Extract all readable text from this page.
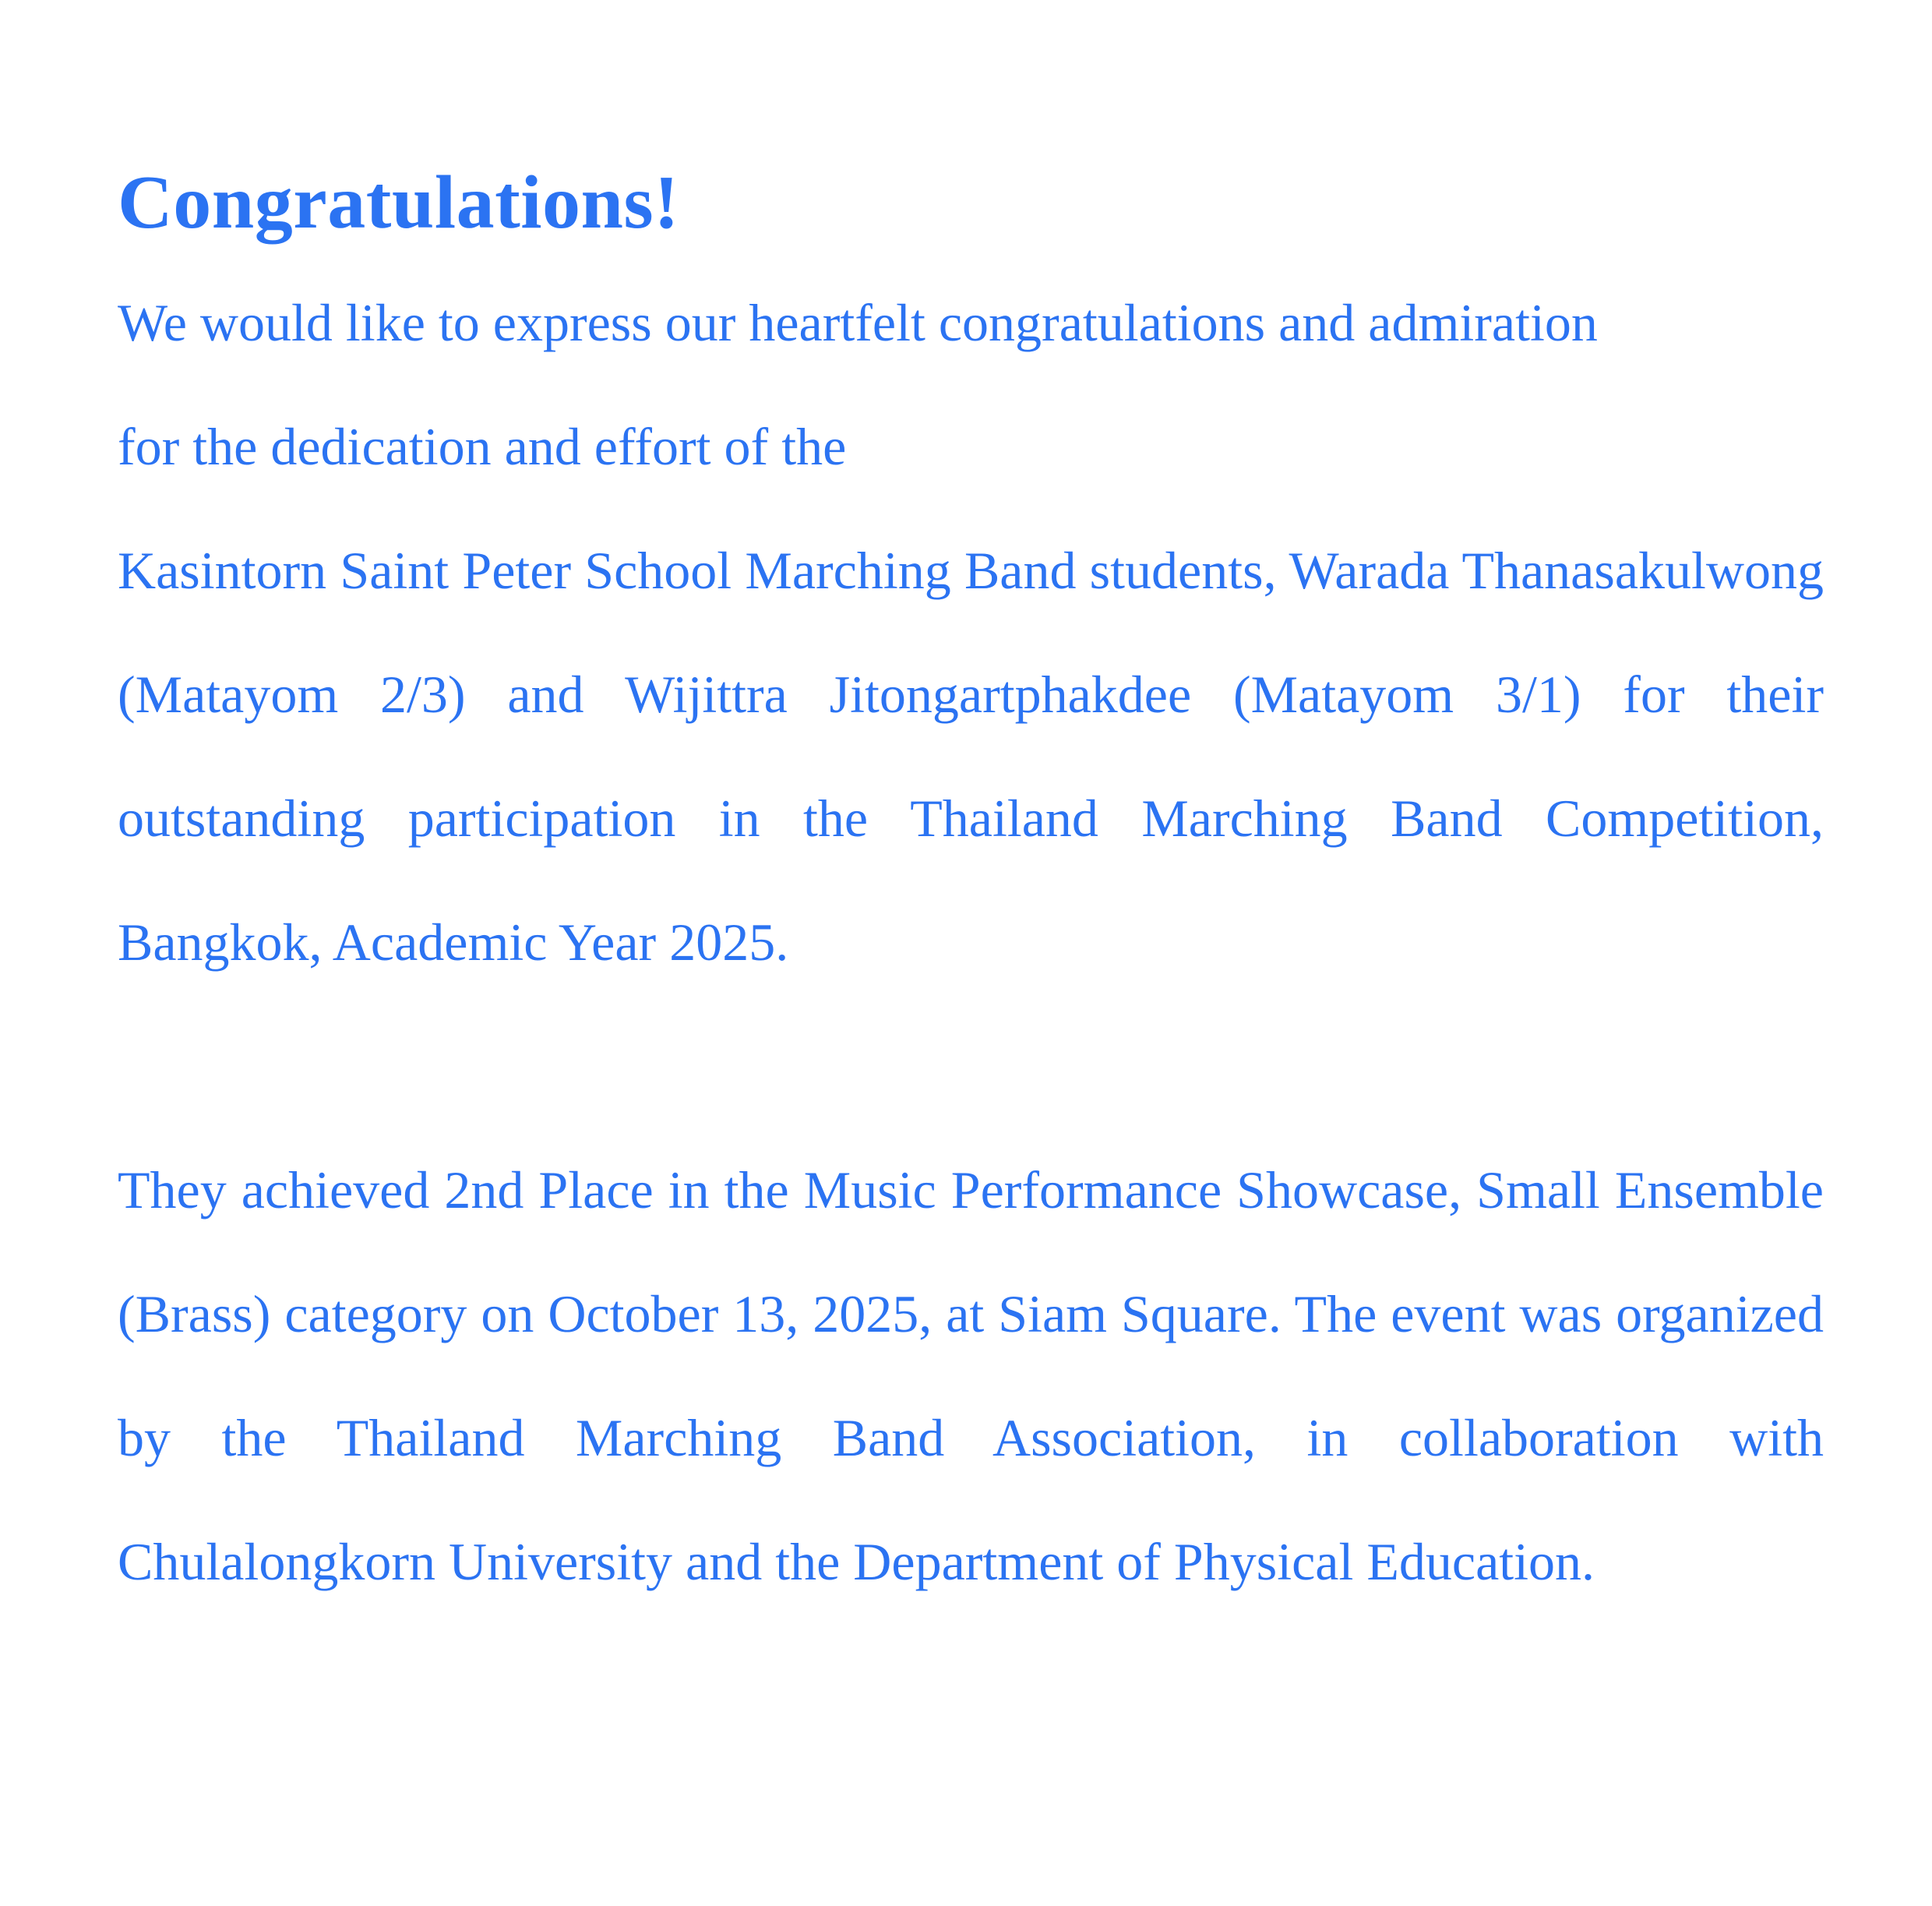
Congratulations!

We would like to express our heartfelt congratulations and admiration
for the dedication and effort of the

Kasintorn Saint Peter School Marching Band students, Warada Thanasakulwong (Matayom 2/3) and Wijittra Jitongartphakdee (Matayom 3/1) for their outstanding participation in the Thailand Marching Band Competition, Bangkok, Academic Year 2025.

They achieved 2nd Place in the Music Performance Showcase, Small Ensemble (Brass) category on October 13, 2025, at Siam Square. The event was organized by the Thailand Marching Band Association, in collaboration with Chulalongkorn University and the Department of Physical Education.
